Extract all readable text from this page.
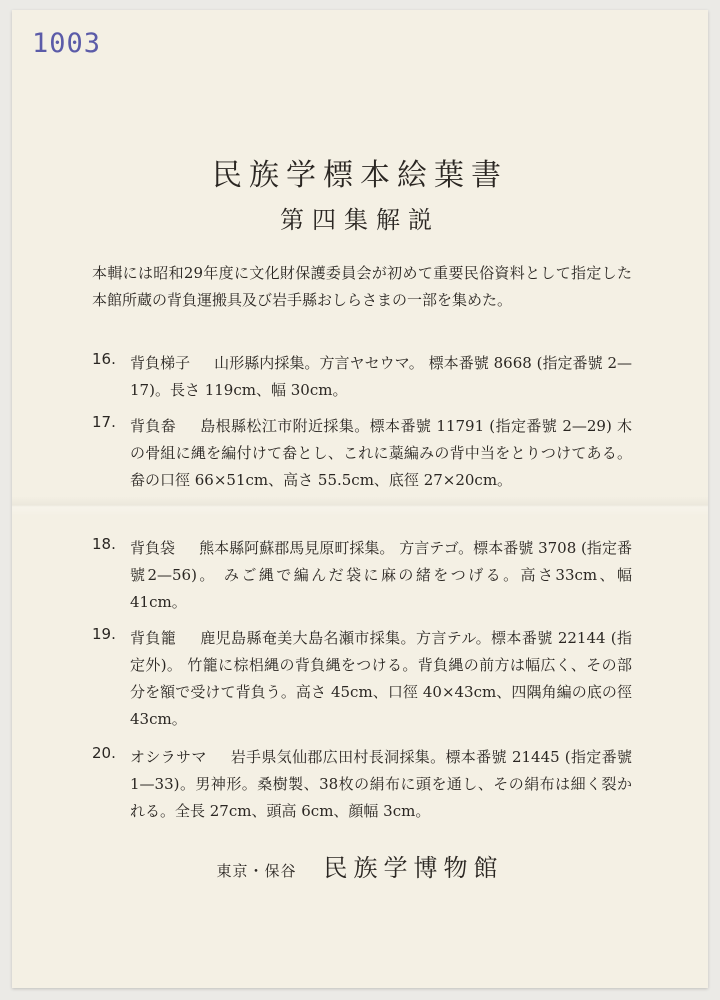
1003
民族学標本絵葉書
第四集解説
本輯には昭和29年度に文化財保護委員会が初めて重要民俗資料として指定した本館所蔵の背負運搬具及び岩手縣おしらさまの一部を集めた。
16. 背負梯子 山形縣内採集。方言ヤセウマ。 標本番號 8668 (指定番號 2—17)。長さ 119cm、幅 30cm。
17. 背負畚 島根縣松江市附近採集。標本番號 11791 (指定番號 2—29) 木の骨組に縄を編付けて畚とし、これに藁編みの背中当をとりつけてある。畚の口徑 66×51cm、高さ 55.5cm、底徑 27×20cm。
18. 背負袋 熊本縣阿蘇郡馬見原町採集。 方言テゴ。標本番號 3708 (指定番號2—56)。 みご縄で編んだ袋に麻の緒をつげる。高さ33cm、幅 41cm。
19. 背負籠 鹿児島縣奄美大島名瀬市採集。方言テル。標本番號 22144 (指定外)。 竹籠に棕梠縄の背負縄をつける。背負縄の前方は幅広く、その部分を額で受けて背負う。高さ 45cm、口徑 40×43cm、四隅角編の底の徑 43cm。
20. オシラサマ 岩手県気仙郡広田村長洞採集。標本番號 21445 (指定番號 1—33)。男神形。桑樹製、38枚の絹布に頭を通し、その絹布は細く裂かれる。全長 27cm、頭高 6cm、顔幅 3cm。
東京・保谷 民族学博物館
